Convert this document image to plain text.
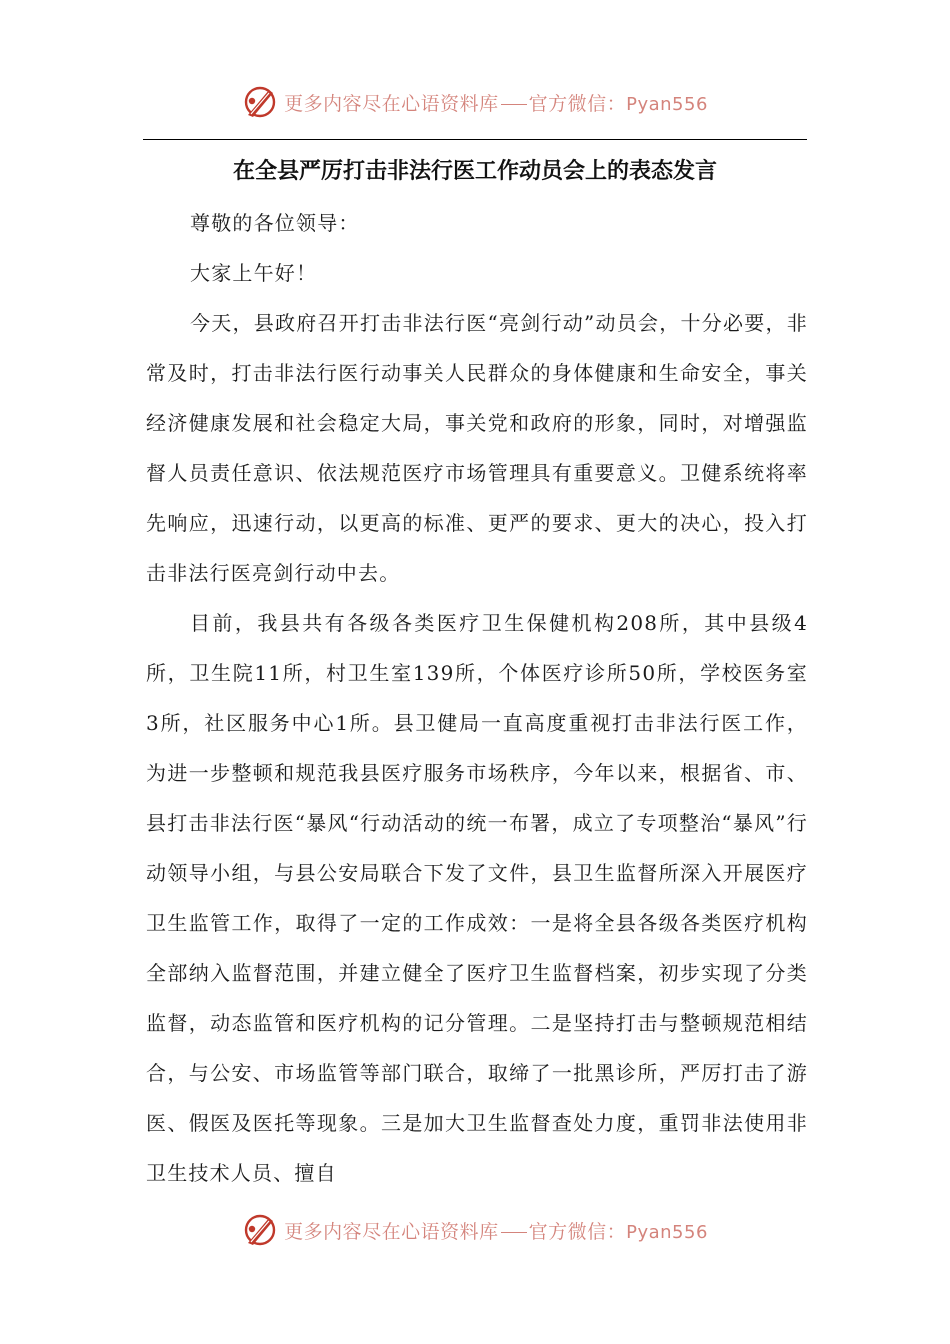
更多内容尽在心语资料库 官方微信：Pyan556
在全县严厉打击非法行医工作动员会上的表态发言

尊敬的各位领导：

大家上午好！

今天，县政府召开打击非法行医“亮剑行动”动员会，十分必要，非常及时，打击非法行医行动事关人民群众的身体健康和生命安全，事关经济健康发展和社会稳定大局，事关党和政府的形象，同时，对增强监督人员责任意识、依法规范医疗市场管理具有重要意义。卫健系统将率先响应，迅速行动，以更高的标准、更严的要求、更大的决心，投入打击非法行医亮剑行动中去。

目前，我县共有各级各类医疗卫生保健机构208所，其中县级4所，卫生院11所，村卫生室139所，个体医疗诊所50所，学校医务室3所，社区服务中心1所。县卫健局一直高度重视打击非法行医工作，为进一步整顿和规范我县医疗服务市场秩序，今年以来，根据省、市、县打击非法行医“暴风“行动活动的统一布署，成立了专项整治“暴风”行动领导小组，与县公安局联合下发了文件，县卫生监督所深入开展医疗卫生监管工作，取得了一定的工作成效：一是将全县各级各类医疗机构全部纳入监督范围，并建立健全了医疗卫生监督档案，初步实现了分类监督，动态监管和医疗机构的记分管理。二是坚持打击与整顿规范相结合，与公安、市场监管等部门联合，取缔了一批黑诊所，严厉打击了游医、假医及医托等现象。三是加大卫生监督查处力度，重罚非法使用非卫生技术人员、擅自

更多内容尽在心语资料库 官方微信：Pyan556
